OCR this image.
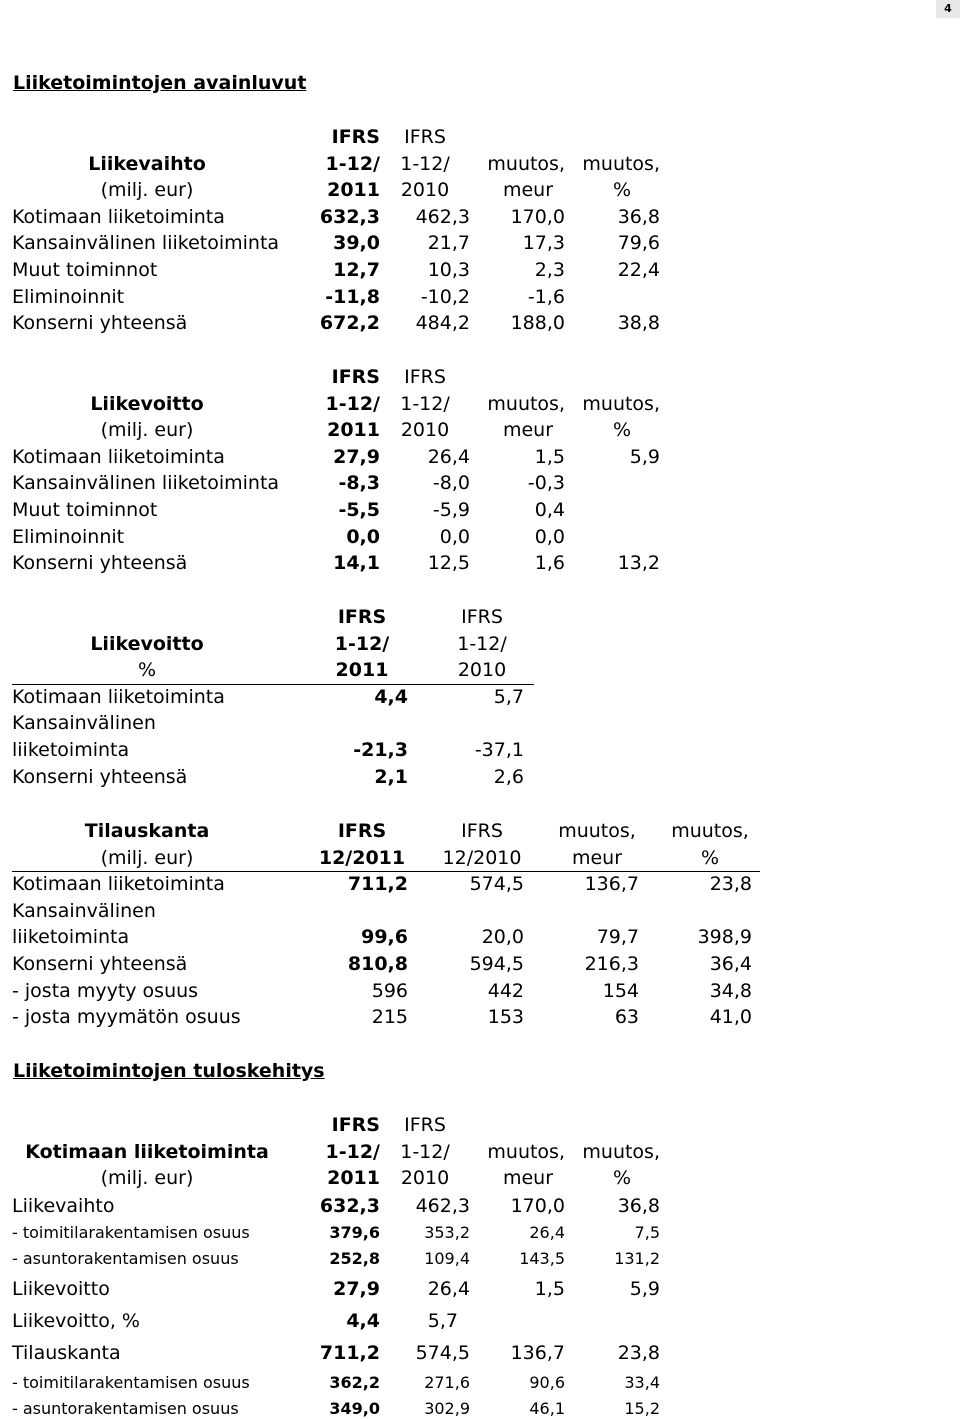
4
Liiketoimintojen avainluvut
IFRS	IFRS
Liikevaihto	1-12/	1-12/	muutos, muutos,
(milj. eur)	2011	2010	meur	%
Kotimaan liiketoiminta	632,3	462,3	170,0	36,8
Kansainvälinen liiketoiminta	39,0	21,7	17,3	79,6
Muut toiminnot	12,7	10,3	2,3	22,4
Eliminoinnit	-11,8	-10,2	-1,6
Konserni yhteensä	672,2	484,2	188,0	38,8
IFRS	IFRS
Liikevoitto	1-12/	1-12/	muutos, muutos,
(milj. eur)	2011	2010	meur	%
Kotimaan liiketoiminta	27,9	26,4	1,5	5,9
Kansainvälinen liiketoiminta	-8,3	-8,0	-0,3
Muut toiminnot	-5,5	-5,9	0,4
Eliminoinnit	0,0	0,0	0,0
Konserni yhteensä	14,1	12,5	1,6	13,2
IFRS	IFRS
Liikevoitto	1-12/	1-12/
%	2011	2010
Kotimaan liiketoiminta	4,4	5,7
Kansainvälinen
liiketoiminta	-21,3	-37,1
Konserni yhteensä	2,1	2,6
Tilauskanta	IFRS	IFRS	muutos,	muutos,
(milj. eur)	12/2011	12/2010	meur	%
Kotimaan liiketoiminta	711,2	574,5	136,7	23,8
Kansainvälinen
liiketoiminta	99,6	20,0	79,7	398,9
Konserni yhteensä	810,8	594,5	216,3	36,4
- josta myyty osuus	596	442	154	34,8
- josta myymätön osuus	215	153	63	41,0
Liiketoimintojen tuloskehitys
IFRS	IFRS
Kotimaan liiketoiminta	1-12/	1-12/	muutos, muutos,
(milj. eur)	2011	2010	meur	%
Liikevaihto	632,3	462,3	170,0	36,8
- toimitilarakentamisen osuus	379,6	353,2	26,4	7,5
- asuntorakentamisen osuus	252,8	109,4	143,5	131,2
Liikevoitto	27,9	26,4	1,5	5,9
Liikevoitto, %	4,4	5,7
Tilauskanta	711,2	574,5	136,7	23,8
- toimitilarakentamisen osuus	362,2	271,6	90,6	33,4
- asuntorakentamisen osuus	349,0	302,9	46,1	15,2
